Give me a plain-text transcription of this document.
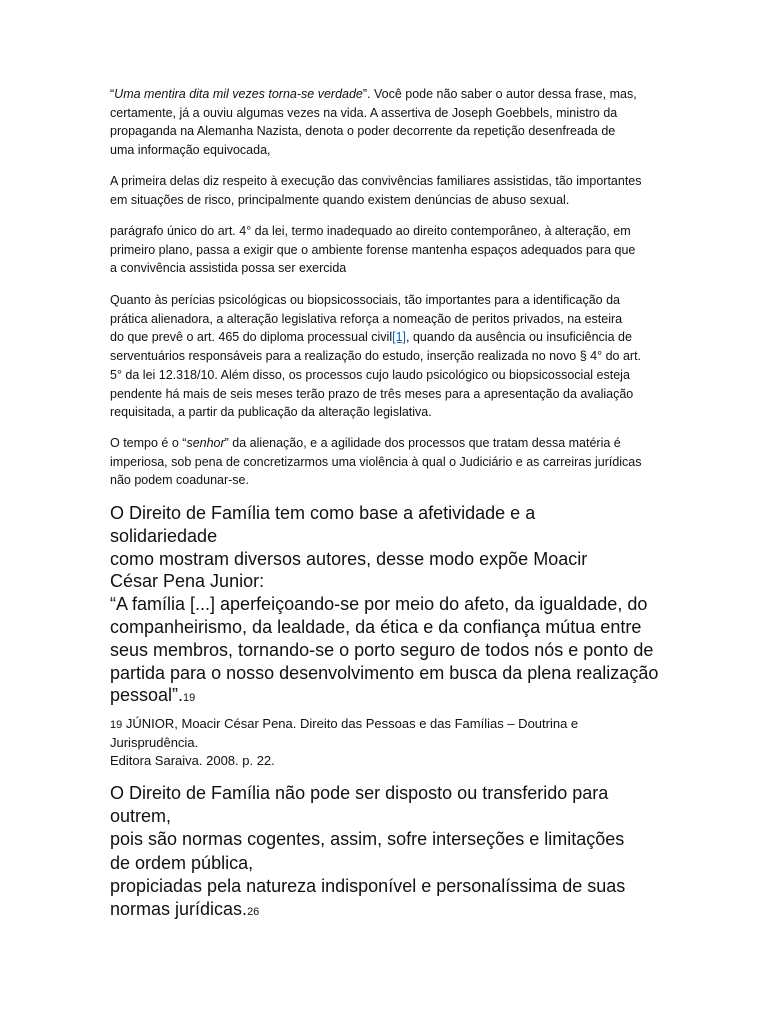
“Uma mentira dita mil vezes torna-se verdade”. Você pode não saber o autor dessa frase, mas,
certamente, já a ouviu algumas vezes na vida. A assertiva de Joseph Goebbels, ministro da
propaganda na Alemanha Nazista, denota o poder decorrente da repetição desenfreada de
uma informação equivocada,
A primeira delas diz respeito à execução das convivências familiares assistidas, tão importantes
em situações de risco, principalmente quando existem denúncias de abuso sexual.
parágrafo único do art. 4° da lei, termo inadequado ao direito contemporâneo, à alteração, em
primeiro plano, passa a exigir que o ambiente forense mantenha espaços adequados para que
a convivência assistida possa ser exercida
Quanto às perícias psicológicas ou biopsicossociais, tão importantes para a identificação da
prática alienadora, a alteração legislativa reforça a nomeação de peritos privados, na esteira
do que prevê o art. 465 do diploma processual civil[1], quando da ausência ou insuficiência de
serventuários responsáveis para a realização do estudo, inserção realizada no novo § 4° do art.
5° da lei 12.318/10. Além disso, os processos cujo laudo psicológico ou biopsicossocial esteja
pendente há mais de seis meses terão prazo de três meses para a apresentação da avaliação
requisitada, a partir da publicação da alteração legislativa.
O tempo é o “senhor” da alienação, e a agilidade dos processos que tratam dessa matéria é
imperiosa, sob pena de concretizarmos uma violência à qual o Judiciário e as carreiras jurídicas
não podem coadunar-se.
O Direito de Família tem como base a afetividade e a
solidariedade
como mostram diversos autores, desse modo expõe Moacir
César Pena Junior:
“A família [...] aperfeiçoando-se por meio do afeto, da igualdade, do
companheirismo, da lealdade, da ética e da confiança mútua entre
seus membros, tornando-se o porto seguro de todos nós e ponto de
partida para o nosso desenvolvimento em busca da plena realização
pessoal”.19
19 JÚNIOR, Moacir César Pena. Direito das Pessoas e das Famílias – Doutrina e
Jurisprudência.
Editora Saraiva. 2008. p. 22.
O Direito de Família não pode ser disposto ou transferido para
outrem,
pois são normas cogentes, assim, sofre interseções e limitações
de ordem pública,
propiciadas pela natureza indisponível e personalíssima de suas
normas jurídicas.26
